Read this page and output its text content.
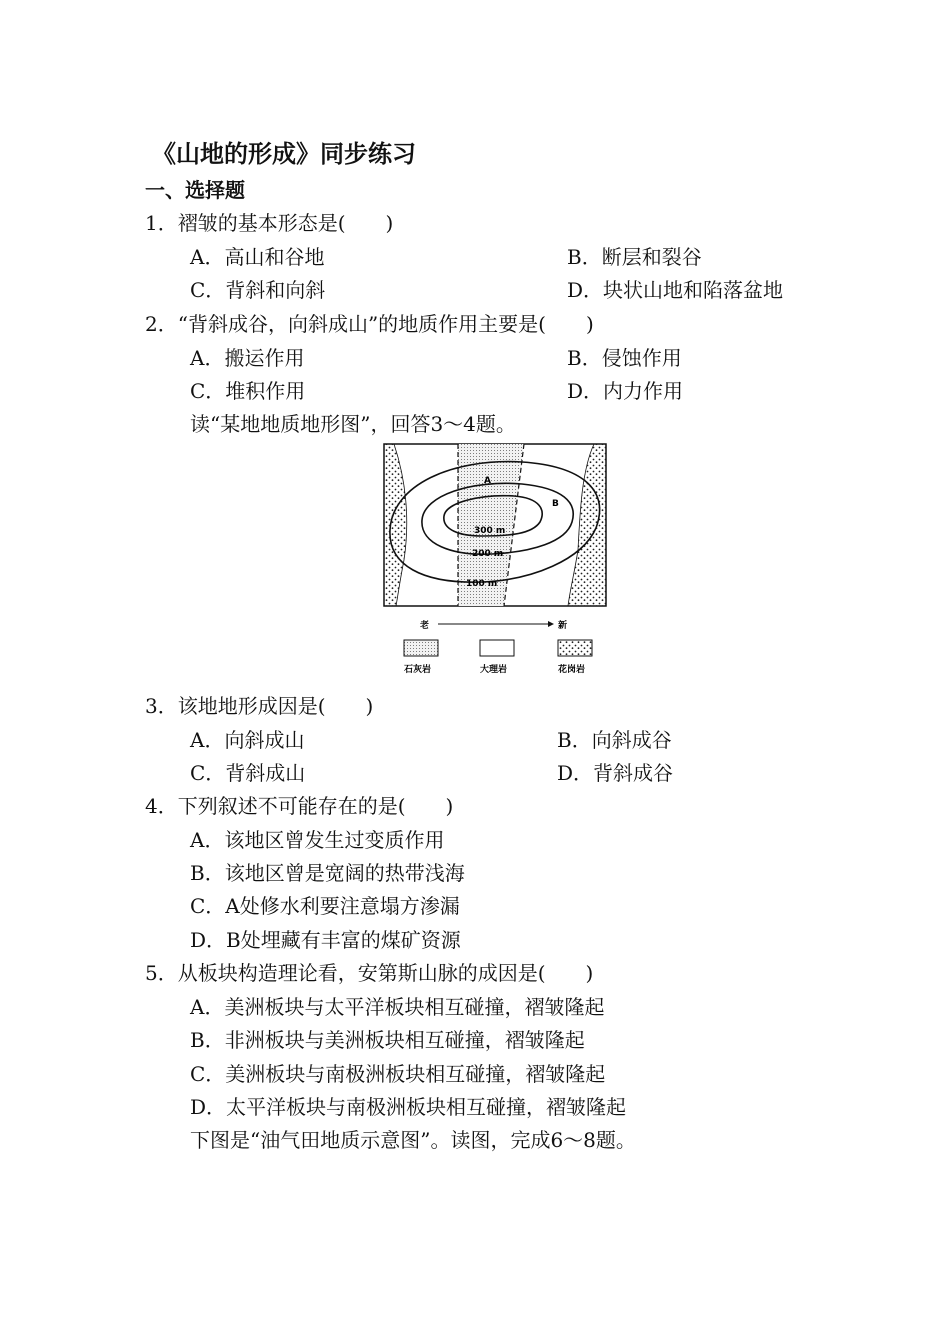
《山地的形成》同步练习
一、选择题
1．褶皱的基本形态是(　　)
A．高山和谷地	B．断层和裂谷
C．背斜和向斜	D．块状山地和陷落盆地
2．“背斜成谷，向斜成山”的地质作用主要是(　　)
A．搬运作用	B．侵蚀作用
C．堆积作用	D．内力作用
读“某地地质地形图”，回答3～4题。
A
B
300 m
200 m
100 m
老	新
石灰岩	大理岩	花岗岩
3．该地地形成因是(　　)
A．向斜成山	B．向斜成谷
C．背斜成山	D．背斜成谷
4．下列叙述不可能存在的是(　　)
A．该地区曾发生过变质作用
B．该地区曾是宽阔的热带浅海
C．A处修水利要注意塌方渗漏
D．B处埋藏有丰富的煤矿资源
5．从板块构造理论看，安第斯山脉的成因是(　　)
A．美洲板块与太平洋板块相互碰撞，褶皱隆起
B．非洲板块与美洲板块相互碰撞，褶皱隆起
C．美洲板块与南极洲板块相互碰撞，褶皱隆起
D．太平洋板块与南极洲板块相互碰撞，褶皱隆起
下图是“油气田地质示意图”。读图，完成6～8题。
